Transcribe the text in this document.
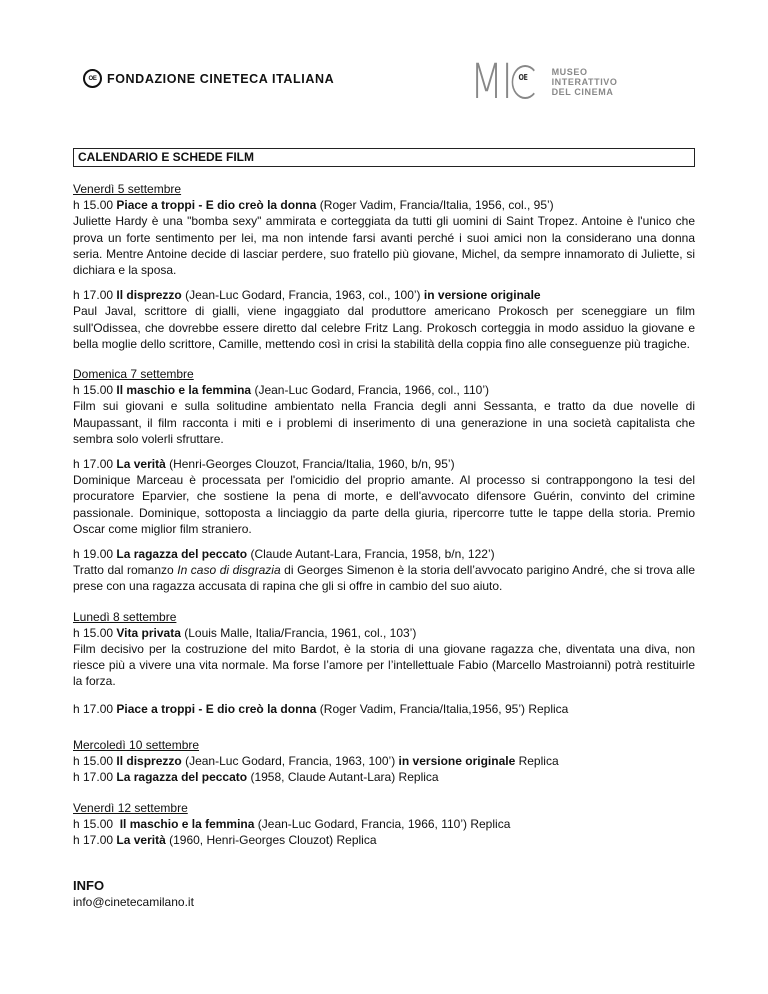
OE FONDAZIONE CINETECA ITALIANA	MI OE
MUSEO
INTERATTIVO
DEL CINEMA
CALENDARIO E SCHEDE FILM
Venerdì 5 settembre

h 15.00 Piace a troppi - E dio creò la donna (Roger Vadim, Francia/Italia, 1956, col., 95’)
Juliette Hardy è una "bomba sexy" ammirata e corteggiata da tutti gli uomini di Saint Tropez. Antoine è l'unico che prova un forte sentimento per lei, ma non intende farsi avanti perché i suoi amici non la considerano una donna seria. Mentre Antoine decide di lasciar perdere, suo fratello più giovane, Michel, da sempre innamorato di Juliette, si dichiara e la sposa.

h 17.00 Il disprezzo (Jean-Luc Godard, Francia, 1963, col., 100’) in versione originale
Paul Javal, scrittore di gialli, viene ingaggiato dal produttore americano Prokosch per sceneggiare un film sull'Odissea, che dovrebbe essere diretto dal celebre Fritz Lang. Prokosch corteggia in modo assiduo la giovane e bella moglie dello scrittore, Camille, mettendo così in crisi la stabilità della coppia fino alle conseguenze più tragiche.

Domenica 7 settembre

h 15.00 Il maschio e la femmina (Jean-Luc Godard, Francia, 1966, col., 110’)
Film sui giovani e sulla solitudine ambientato nella Francia degli anni Sessanta, e tratto da due novelle di Maupassant, il film racconta i miti e i problemi di inserimento di una generazione in una società capitalista che sembra solo volerli sfruttare.

h 17.00 La verità (Henri-Georges Clouzot, Francia/Italia, 1960, b/n, 95’)
Dominique Marceau è processata per l'omicidio del proprio amante. Al processo si contrappongono la tesi del procuratore Eparvier, che sostiene la pena di morte, e dell'avvocato difensore Guérin, convinto del crimine passionale. Dominique, sottoposta a linciaggio da parte della giuria, ripercorre tutte le tappe della storia. Premio Oscar come miglior film straniero.

h 19.00 La ragazza del peccato (Claude Autant-Lara, Francia, 1958, b/n, 122’)
Tratto dal romanzo In caso di disgrazia di Georges Simenon è la storia dell’avvocato parigino André, che si trova alle prese con una ragazza accusata di rapina che gli si offre in cambio del suo aiuto.

Lunedì 8 settembre

h 15.00 Vita privata (Louis Malle, Italia/Francia, 1961, col., 103’)
Film decisivo per la costruzione del mito Bardot, è la storia di una giovane ragazza che, diventata una diva, non riesce più a vivere una vita normale. Ma forse l’amore per l’intellettuale Fabio (Marcello Mastroianni) potrà restituirle la forza.

h 17.00 Piace a troppi - E dio creò la donna (Roger Vadim, Francia/Italia,1956, 95’) Replica

Mercoledì 10 settembre

h 15.00 Il disprezzo (Jean-Luc Godard, Francia, 1963, 100’) in versione originale Replica

h 17.00 La ragazza del peccato (1958, Claude Autant-Lara) Replica

Venerdì 12 settembre

h 15.00  Il maschio e la femmina (Jean-Luc Godard, Francia, 1966, 110’) Replica

h 17.00 La verità (1960, Henri-Georges Clouzot) Replica

INFO
info@cinetecamilano.it
